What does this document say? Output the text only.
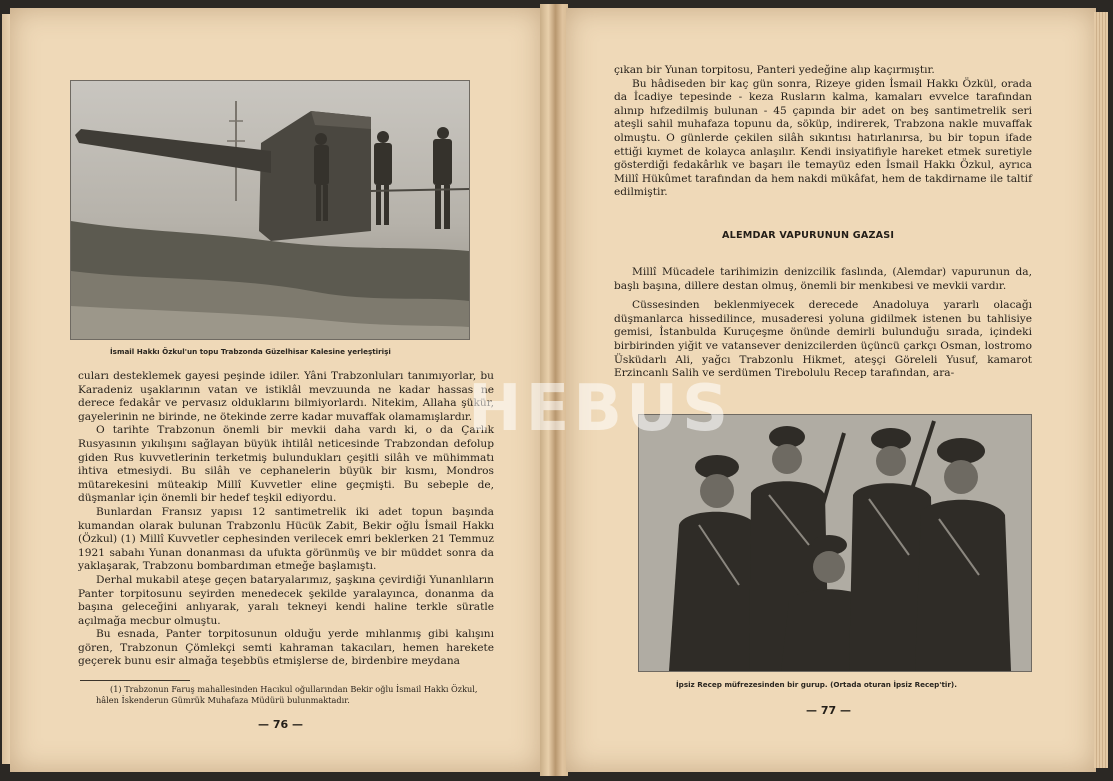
İsmail Hakkı Özkul'un topu Trabzonda Güzelhisar Kalesine yerleştirişi

cuları desteklemek gayesi peşinde idiler. Yâni Trabzonluları tanımıyorlar, bu Karadeniz uşaklarının vatan ve istiklâl mevzuunda ne kadar hassas ne derece fedakâr ve pervasız olduklarını bilmiyorlardı. Nitekim, Allaha şükür, gayelerinin ne birinde, ne ötekinde zerre kadar muvaffak olamamışlardır.

O tarihte Trabzonun önemli bir mevkii daha vardı ki, o da Çarlık Rusyasının yıkılışını sağlayan büyük ihtilâl neticesinde Trabzondan defolup giden Rus kuvvetlerinin terketmiş bulundukları çeşitli silâh ve mühimmatı ihtiva etmesiydi. Bu silâh ve cephanelerin büyük bir kısmı, Mondros mütarekesini müteakip Millî Kuvvetler eline geçmişti. Bu sebeple de, düşmanlar için önemli bir hedef teşkil ediyordu.

Bunlardan Fransız yapısı 12 santimetrelik iki adet topun başında kumandan olarak bulunan Trabzonlu Hücük Zabit, Bekir oğlu İsmail Hakkı (Özkul) (1) Millî Kuvvetler cephesinden verilecek emri beklerken 21 Temmuz 1921 sabahı Yunan donanması da ufukta görünmüş ve bir müddet sonra da yaklaşarak, Trabzonu bombardıman etmeğe başlamıştı.

Derhal mukabil ateşe geçen bataryalarımız, şaşkına çevirdiği Yunanlıların Panter torpitosunu seyirden menedecek şekilde yaralayınca, donanma da başına geleceğini anlıyarak, yaralı tekneyi kendi haline terkle süratle açılmağa mecbur olmuştu.

Bu esnada, Panter torpitosunun olduğu yerde mıhlanmış gibi kalışını gören, Trabzonun Çömlekçi semti kahraman takacıları, hemen harekete geçerek bunu esir almağa teşebbüs etmişlerse de, birdenbire meydana

(1) Trabzonun Faruş mahallesinden Hacıkul oğullarından Bekir oğlu İsmail Hakkı Özkul, hâlen İskenderun Gümrük Muhafaza Müdürü bulunmaktadır.
— 76 —

çıkan bir Yunan torpitosu, Panteri yedeğine alıp kaçırmıştır.

Bu hâdiseden bir kaç gün sonra, Rizeye giden İsmail Hakkı Özkül, orada da İcadiye tepesinde - keza Rusların kalma, kamaları evvelce tarafından alınıp hıfzedilmiş bulunan - 45 çapında bir adet on beş santimetrelik seri ateşli sahil muhafaza topunu da, söküp, indirerek, Trabzona nakle muvaffak olmuştu. O günlerde çekilen silâh sıkıntısı hatırlanırsa, bu bir topun ifade ettiği kıymet de kolayca anlaşılır. Kendi insiyatifiyle hareket etmek suretiyle gösterdiği fedakârlık ve başarı ile temayüz eden İsmail Hakkı Özkul, ayrıca Millî Hükûmet tarafından da hem nakdi mükâfat, hem de takdirname ile taltif edilmiştir.

ALEMDAR VAPURUNUN GAZASI

Millî Mücadele tarihimizin denizcilik faslında, (Alemdar) vapurunun da, başlı başına, dillere destan olmuş, önemli bir menkıbesi ve mevkii vardır.

Cüssesinden beklenmiyecek derecede Anadoluya yararlı olacağı düşmanlarca hissedilince, musaderesi yoluna gidilmek istenen bu tahlisiye gemisi, İstanbulda Kuruçeşme önünde demirli bulunduğu sırada, içindeki birbirinden yiğit ve vatansever denizcilerden üçüncü çarkçı Osman, lostromo Üsküdarlı Ali, yağcı Trabzonlu Hikmet, ateşçi Göreleli Yusuf, kamarot Erzincanlı Salih ve serdümen Tirebolulu Recep tarafından, ara-

İpsiz Recep müfrezesinden bir gurup. (Ortada oturan İpsiz Recep'tir).
— 77 —
HEBUS
